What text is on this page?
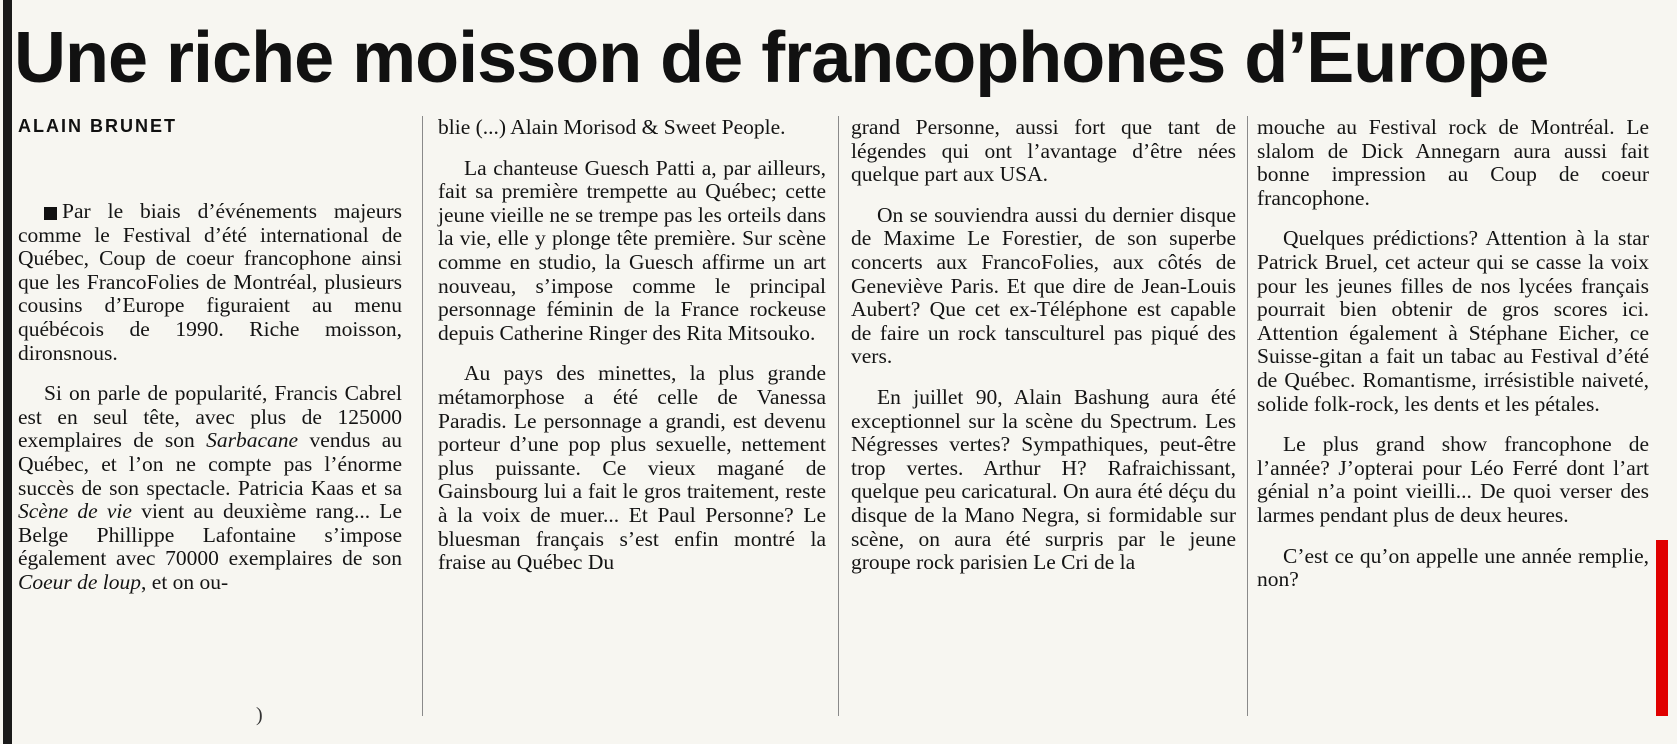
Une riche moisson de francophones d’Europe
ALAIN BRUNET

Par le biais d’événements majeurs comme le Festival d’été international de Québec, Coup de coeur francophone ainsi que les FrancoFolies de Montréal, plusieurs cousins d’Europe figuraient au menu québécois de 1990. Riche moisson, dironsnous.

Si on parle de popularité, Francis Cabrel est en seul tête, avec plus de 125000 exemplaires de son Sarbacane vendus au Québec, et l’on ne compte pas l’énorme succès de son spectacle. Patricia Kaas et sa Scène de vie vient au deuxième rang... Le Belge Phillippe Lafontaine s’impose également avec 70000 exemplaires de son Coeur de loup, et on ou-

blie (...) Alain Morisod & Sweet People.

La chanteuse Guesch Patti a, par ailleurs, fait sa première trempette au Québec; cette jeune vieille ne se trempe pas les orteils dans la vie, elle y plonge tête première. Sur scène comme en studio, la Guesch affirme un art nouveau, s’impose comme le principal personnage féminin de la France rockeuse depuis Catherine Ringer des Rita Mitsouko.

Au pays des minettes, la plus grande métamorphose a été celle de Vanessa Paradis. Le personnage a grandi, est devenu porteur d’une pop plus sexuelle, nettement plus puissante. Ce vieux magané de Gainsbourg lui a fait le gros traitement, reste à la voix de muer... Et Paul Personne? Le bluesman français s’est enfin montré la fraise au Québec Du

grand Personne, aussi fort que tant de légendes qui ont l’avantage d’être nées quelque part aux USA.

On se souviendra aussi du dernier disque de Maxime Le Forestier, de son superbe concerts aux FrancoFolies, aux côtés de Geneviève Paris. Et que dire de Jean-Louis Aubert? Que cet ex-Téléphone est capable de faire un rock tansculturel pas piqué des vers.

En juillet 90, Alain Bashung aura été exceptionnel sur la scène du Spectrum. Les Négresses vertes? Sympathiques, peut-être trop vertes. Arthur H? Rafraichissant, quelque peu caricatural. On aura été déçu du disque de la Mano Negra, si formidable sur scène, on aura été surpris par le jeune groupe rock parisien Le Cri de la

mouche au Festival rock de Montréal. Le slalom de Dick Annegarn aura aussi fait bonne impression au Coup de coeur francophone.

Quelques prédictions? Attention à la star Patrick Bruel, cet acteur qui se casse la voix pour les jeunes filles de nos lycées français pourrait bien obtenir de gros scores ici. Attention également à Stéphane Eicher, ce Suisse-gitan a fait un tabac au Festival d’été de Québec. Romantisme, irrésistible naiveté, solide folk-rock, les dents et les pétales.

Le plus grand show francophone de l’année? J’opterai pour Léo Ferré dont l’art génial n’a point vieilli... De quoi verser des larmes pendant plus de deux heures.

C’est ce qu’on appelle une année remplie, non?

)
